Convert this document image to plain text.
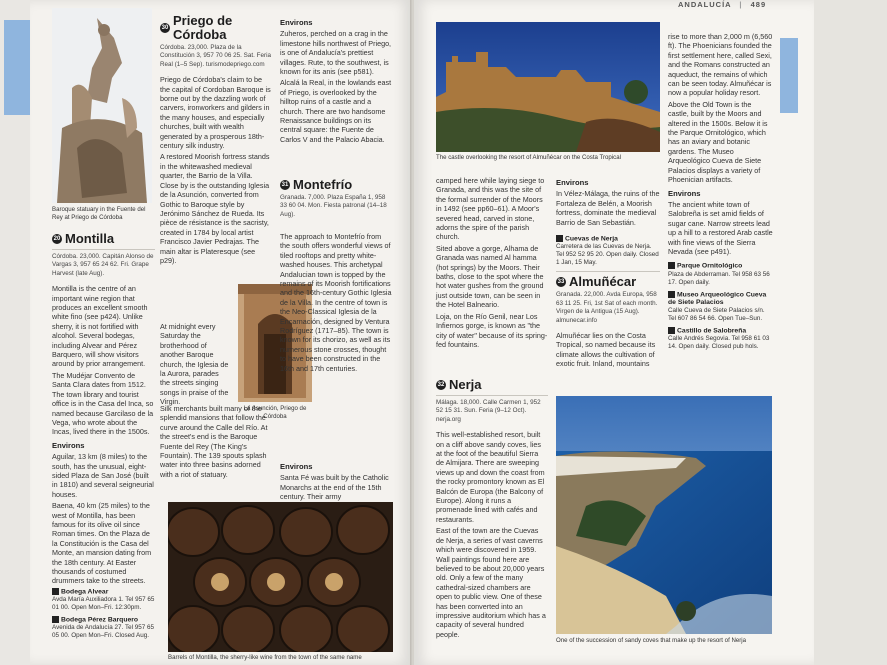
Baroque statuary in the Fuente del Rey at Priego de Córdoba
20 Montilla
Córdoba. 23,000. Capitán Alonso de Vargas 3, 957 65 24 62. Fri. Grape Harvest (late Aug).

Montilla is the centre of an important wine region that produces an excellent smooth white fino (see p424). Unlike sherry, it is not fortified with alcohol. Several bodegas, including Alvear and Pérez Barquero, will show visitors around by prior arrangement.

The Mudéjar Convento de Santa Clara dates from 1512. The town library and tourist office is in the Casa del Inca, so named because Garcilaso de la Vega, who wrote about the Incas, lived there in the 1500s.

Environs

Aguilar, 13 km (8 miles) to the south, has the unusual, eight-sided Plaza de San José (built in 1810) and several seigneurial houses.

Baena, 40 km (25 miles) to the west of Montilla, has been famous for its olive oil since Roman times. On the Plaza de la Constitución is the Casa del Monte, an mansion dating from the 18th century. At Easter thousands of costumed drummers take to the streets.

Bodega Alvear
Avda María Auxiliadora 1. Tel 957 65 01 00. Open Mon–Fri. 12:30pm.
Bodega Pérez Barquero
Avenida de Andalucía 27. Tel 957 65 05 00. Open Mon–Fri. Closed Aug.
30 Priego de Córdoba
Córdoba. 23,000. Plaza de la Constitución 3, 957 70 06 25. Sat. Feria Real (1–5 Sep). turismodepriego.com

Priego de Córdoba's claim to be the capital of Cordoban Baroque is borne out by the dazzling work of carvers, ironworkers and gilders in the many houses, and especially churches, built with wealth generated by a prosperous 18th-century silk industry.

A restored Moorish fortress stands in the whitewashed medieval quarter, the Barrio de la Villa. Close by is the outstanding Iglesia de la Asunción, converted from Gothic to Baroque style by Jerónimo Sánchez de Rueda. Its pièce de résistance is the sacristy, created in 1784 by local artist Francisco Javier Pedrajas. The main altar is Plateresque (see p29).

At midnight every Saturday the brotherhood of another Baroque church, the Iglesia de la Aurora, parades the streets singing songs in praise of the Virgin.

Silk merchants built many of the splendid mansions that follow the curve around the Calle del Río. At the street's end is the Baroque Fuente del Rey (The King's Fountain). The 139 spouts splash water into three basins adorned with a riot of statuary.

La Asunción, Priego de Córdoba
Environs

Zuheros, perched on a crag in the limestone hills northwest of Priego, is one of Andalucía's prettiest villages. Rute, to the southwest, is known for its anis (see p581).

Alcalá la Real, in the lowlands east of Priego, is overlooked by the hilltop ruins of a castle and a church. There are two handsome Renaissance buildings on its central square: the Fuente de Carlos V and the Palacio Abacia.

31 Montefrío
Granada. 7,000. Plaza España 1, 958 33 60 04. Mon. Fiesta patronal (14–18 Aug).

The approach to Montefrío from the south offers wonderful views of tiled rooftops and pretty white-washed houses. This archetypal Andalucian town is topped by the remains of its Moorish fortifications and the 16th-century Gothic Iglesia de la Villa. In the centre of town is the Neo-Classical Iglesia de la Encarnación, designed by Ventura Rodríguez (1717–85). The town is known for its chorizo, as well as its numerous stone crosses, thought to have been constructed in the 16th and 17th centuries.

Environs

Santa Fé was built by the Catholic Monarchs at the end of the 15th century. Their army

Barrels of Montilla, the sherry-like wine from the town of the same name
ANDALUCÍA | 489
The castle overlooking the resort of Almuñécar on the Costa Tropical

camped here while laying siege to Granada, and this was the site of the formal surrender of the Moors in 1492 (see pp60–61). A Moor's severed head, carved in stone, adorns the spire of the parish church.

Sited above a gorge, Alhama de Granada was named Al hamma (hot springs) by the Moors. Their baths, close to the spot where the hot water gushes from the ground just outside town, can be seen in the Hotel Balneario.

Loja, on the Río Genil, near Los Infiernos gorge, is known as "the city of water" because of its spring-fed fountains.

32 Nerja
Málaga. 18,000. Calle Carmen 1, 952 52 15 31. Sun. Feria (9–12 Oct). nerja.org

This well-established resort, built on a cliff above sandy coves, lies at the foot of the beautiful Sierra de Almijara. There are sweeping views up and down the coast from the rocky promontory known as El Balcón de Europa (the Balcony of Europe). Along it runs a promenade lined with cafés and restaurants.

East of the town are the Cuevas de Nerja, a series of vast caverns which were discovered in 1959. Wall paintings found here are believed to be about 20,000 years old. Only a few of the many cathedral-sized chambers are open to public view. One of these has been converted into an impressive auditorium which has a capacity of several hundred people.

Environs

In Vélez-Málaga, the ruins of the Fortaleza de Belén, a Moorish fortress, dominate the medieval Barrio de San Sebastián.

Cuevas de Nerja
Carretera de las Cuevas de Nerja. Tel 952 52 95 20. Open daily. Closed 1 Jan, 15 May.
33 Almuñécar
Granada. 22,000. Avda Europa, 958 63 11 25. Fri, 1st Sat of each month. Virgen de la Antigua (15 Aug). almunecar.info

Almuñécar lies on the Costa Tropical, so named because its climate allows the cultivation of exotic fruit. Inland, mountains

rise to more than 2,000 m (6,560 ft). The Phoenicians founded the first settlement here, called Sexi, and the Romans constructed an aqueduct, the remains of which can be seen today. Almuñécar is now a popular holiday resort.

Above the Old Town is the castle, built by the Moors and altered in the 1500s. Below it is the Parque Ornitológico, which has an aviary and botanic gardens. The Museo Arqueológico Cueva de Siete Palacios displays a variety of Phoenician artifacts.

Environs

The ancient white town of Salobreña is set amid fields of sugar cane. Narrow streets lead up a hill to a restored Arab castle with fine views of the Sierra Nevada (see p491).

Parque Ornitológico
Plaza de Abderraman. Tel 958 63 56 17. Open daily.
Museo Arqueológico Cueva de Siete Palacios
Calle Cueva de Siete Palacios s/n. Tel 607 86 54 66. Open Tue–Sun.
Castillo de Salobreña
Calle Andrés Segovia. Tel 958 61 03 14. Open daily. Closed pub hols.
One of the succession of sandy coves that make up the resort of Nerja
